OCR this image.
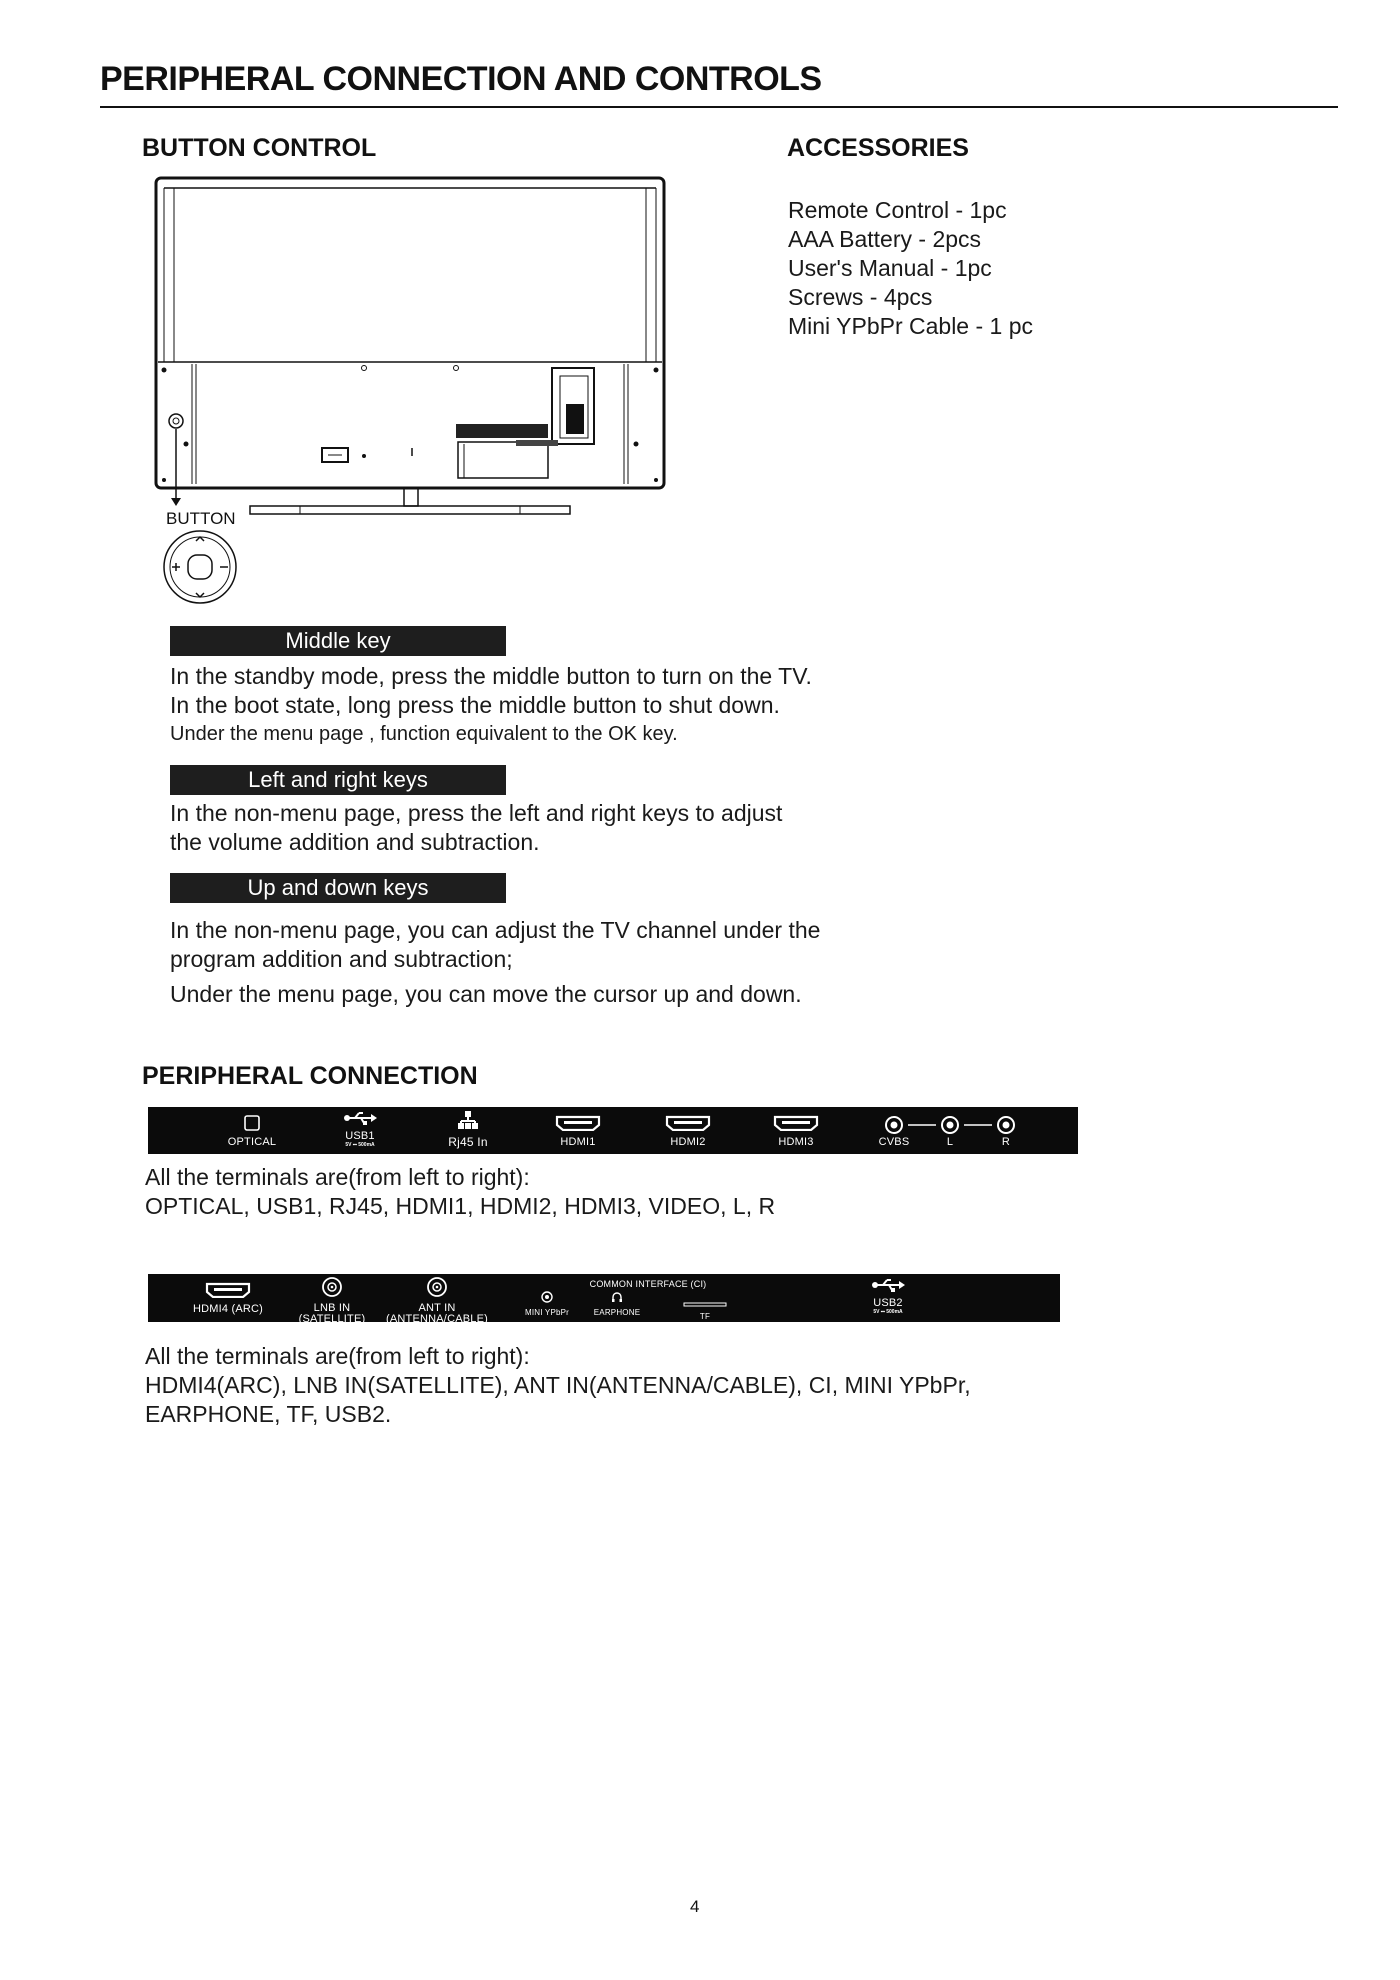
PERIPHERAL CONNECTION AND CONTROLS
BUTTON CONTROL
BUTTON
ACCESSORIES
Remote Control - 1pc
AAA Battery - 2pcs
User's Manual - 1pc
Screws - 4pcs
Mini YPbPr Cable - 1 pc
Middle key
In the standby mode, press the middle button to turn on the TV.
In the boot state, long press the middle button to shut down.
Under the menu page , function equivalent to the OK key.
Left and right keys
In the non-menu page, press the left and right keys to adjust
the volume addition and subtraction.
Up and down keys
In the non-menu page, you can adjust the TV channel under the
program addition and subtraction;
Under the menu page, you can move the cursor up and down.
PERIPHERAL CONNECTION
OPTICAL	USB1
5V ⎓ 500mA	Rj45 In	HDMI1	HDMI2	HDMI3	CVBS	L	R
All the terminals are(from left to right):
OPTICAL, USB1, RJ45, HDMI1, HDMI2, HDMI3, VIDEO, L, R
HDMI4 (ARC)	LNB IN
(SATELLITE)
ANT IN
(ANTENNA/CABLE)
COMMON INTERFACE (CI)
MINI YPbPr	EARPHONE	TF
USB2
5V ⎓ 500mA
All the terminals are(from left to right):
HDMI4(ARC), LNB IN(SATELLITE), ANT IN(ANTENNA/CABLE), CI, MINI YPbPr,
EARPHONE, TF, USB2.
4
